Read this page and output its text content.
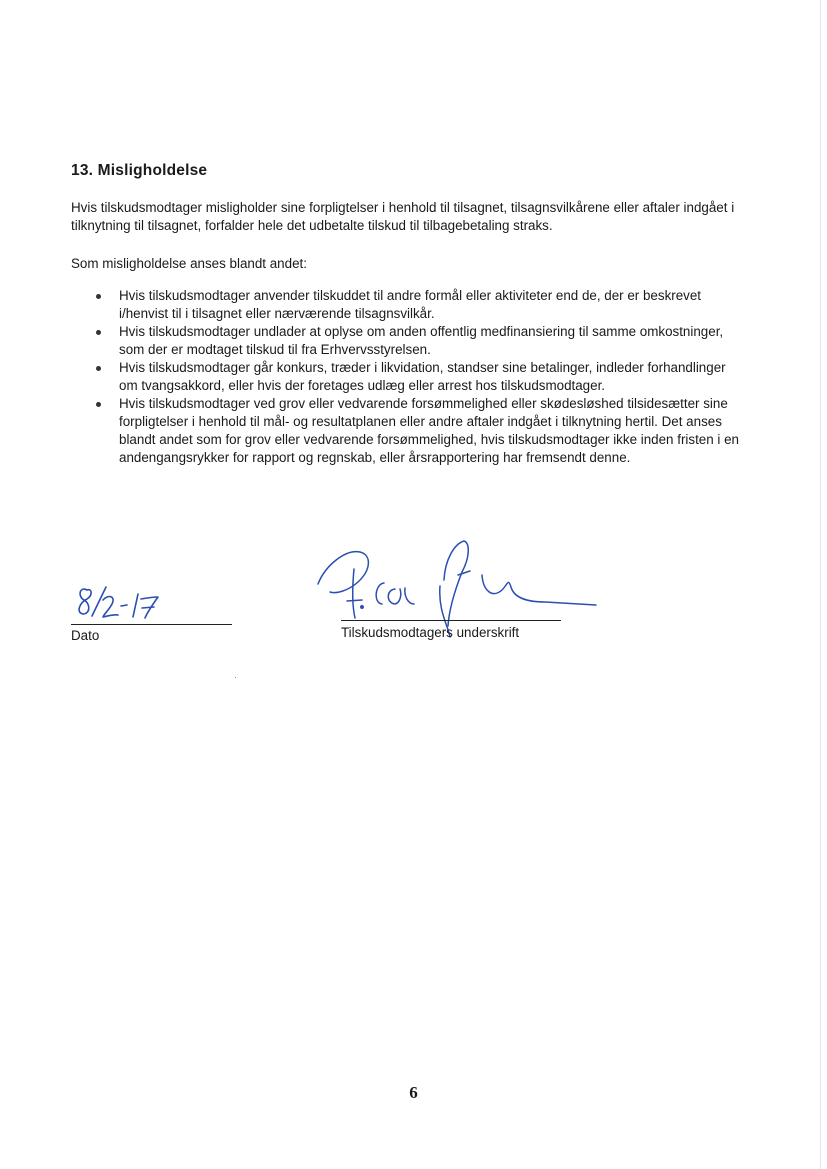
13. Misligholdelse
Hvis tilskudsmodtager misligholder sine forpligtelser i henhold til tilsagnet, tilsagnsvilkårene eller aftaler indgået i tilknytning til tilsagnet, forfalder hele det udbetalte tilskud til tilbagebetaling straks.
Som misligholdelse anses blandt andet:
Hvis tilskudsmodtager anvender tilskuddet til andre formål eller aktiviteter end de, der er beskrevet i/henvist til i tilsagnet eller nærværende tilsagnsvilkår.
Hvis tilskudsmodtager undlader at oplyse om anden offentlig medfinansiering til samme omkostninger, som der er modtaget tilskud til fra Erhvervsstyrelsen.
Hvis tilskudsmodtager går konkurs, træder i likvidation, standser sine betalinger, indleder forhandlinger om tvangsakkord, eller hvis der foretages udlæg eller arrest hos tilskudsmodtager.
Hvis tilskudsmodtager ved grov eller vedvarende forsømmelighed eller skødesløshed tilsidesætter sine forpligtelser i henhold til mål- og resultatplanen eller andre aftaler indgået i tilknytning hertil. Det anses blandt andet som for grov eller vedvarende forsømmelighed, hvis tilskudsmodtager ikke inden fristen i en andengangsrykker for rapport og regnskab, eller årsrapportering har fremsendt denne.
Dato	Tilskudsmodtagers underskrift
6
